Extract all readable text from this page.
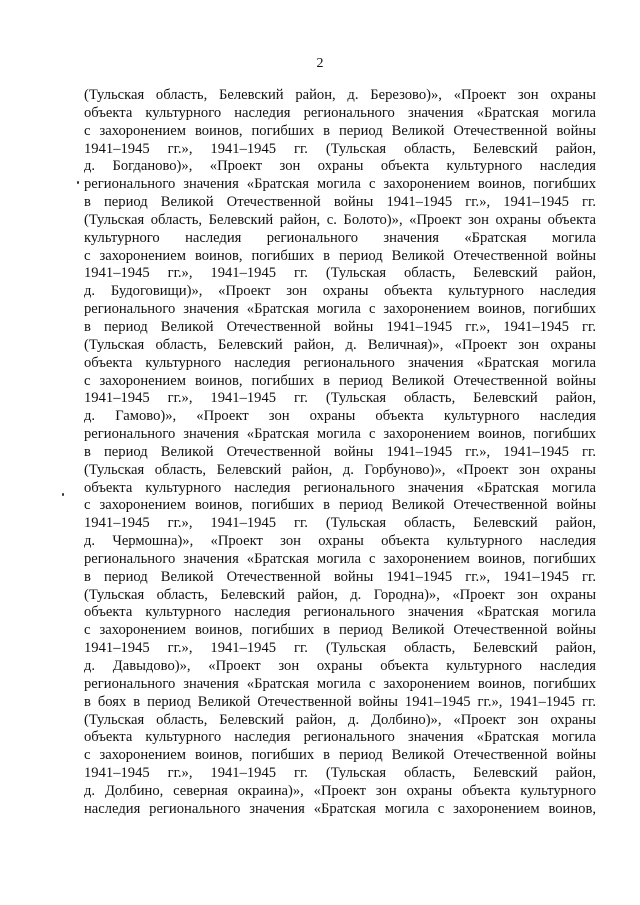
2
(Тульская область, Белевский район, д. Березово)», «Проект зон охраны
объекта культурного наследия регионального значения «Братская могила
с захоронением воинов, погибших в период Великой Отечественной войны
1941–1945 гг.», 1941–1945 гг. (Тульская область, Белевский район,
д. Богданово)», «Проект зон охраны объекта культурного наследия
регионального значения «Братская могила с захоронением воинов, погибших
в период Великой Отечественной войны 1941–1945 гг.», 1941–1945 гг.
(Тульская область, Белевский район, с. Болото)», «Проект зон охраны объекта
культурного наследия регионального значения «Братская могила
с захоронением воинов, погибших в период Великой Отечественной войны
1941–1945 гг.», 1941–1945 гг. (Тульская область, Белевский район,
д. Будоговищи)», «Проект зон охраны объекта культурного наследия
регионального значения «Братская могила с захоронением воинов, погибших
в период Великой Отечественной войны 1941–1945 гг.», 1941–1945 гг.
(Тульская область, Белевский район, д. Величная)», «Проект зон охраны
объекта культурного наследия регионального значения «Братская могила
с захоронением воинов, погибших в период Великой Отечественной войны
1941–1945 гг.», 1941–1945 гг. (Тульская область, Белевский район,
д. Гамово)», «Проект зон охраны объекта культурного наследия
регионального значения «Братская могила с захоронением воинов, погибших
в период Великой Отечественной войны 1941–1945 гг.», 1941–1945 гг.
(Тульская область, Белевский район, д. Горбуново)», «Проект зон охраны
объекта культурного наследия регионального значения «Братская могила
с захоронением воинов, погибших в период Великой Отечественной войны
1941–1945 гг.», 1941–1945 гг. (Тульская область, Белевский район,
д. Чермошна)», «Проект зон охраны объекта культурного наследия
регионального значения «Братская могила с захоронением воинов, погибших
в период Великой Отечественной войны 1941–1945 гг.», 1941–1945 гг.
(Тульская область, Белевский район, д. Городна)», «Проект зон охраны
объекта культурного наследия регионального значения «Братская могила
с захоронением воинов, погибших в период Великой Отечественной войны
1941–1945 гг.», 1941–1945 гг. (Тульская область, Белевский район,
д. Давыдово)», «Проект зон охраны объекта культурного наследия
регионального значения «Братская могила с захоронением воинов, погибших
в боях в период Великой Отечественной войны 1941–1945 гг.», 1941–1945 гг.
(Тульская область, Белевский район, д. Долбино)», «Проект зон охраны
объекта культурного наследия регионального значения «Братская могила
с захоронением воинов, погибших в период Великой Отечественной войны
1941–1945 гг.», 1941–1945 гг. (Тульская область, Белевский район,
д. Долбино, северная окраина)», «Проект зон охраны объекта культурного
наследия регионального значения «Братская могила с захоронением воинов,
